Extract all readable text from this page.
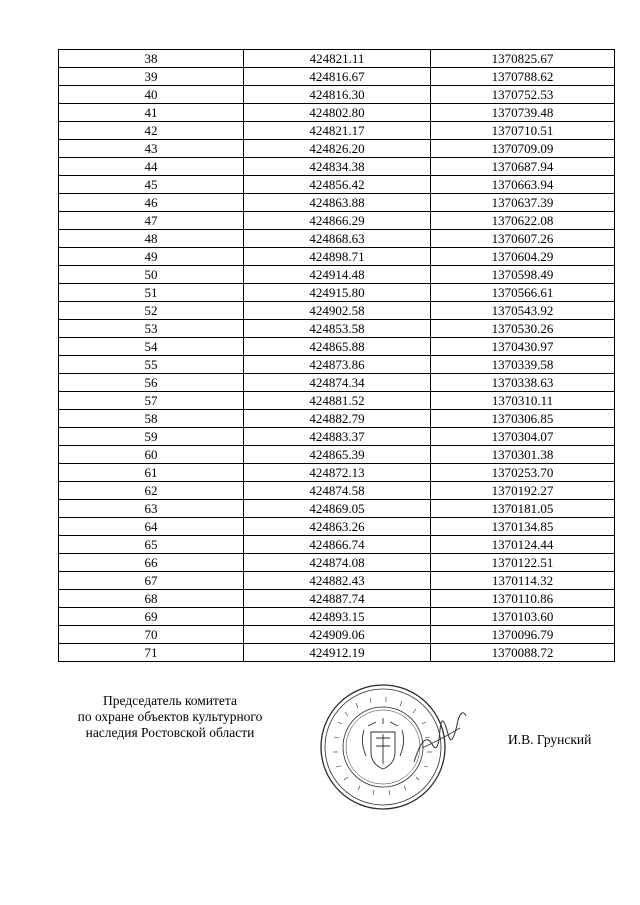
38	424821.11	1370825.67
39	424816.67	1370788.62
40	424816.30	1370752.53
41	424802.80	1370739.48
42	424821.17	1370710.51
43	424826.20	1370709.09
44	424834.38	1370687.94
45	424856.42	1370663.94
46	424863.88	1370637.39
47	424866.29	1370622.08
48	424868.63	1370607.26
49	424898.71	1370604.29
50	424914.48	1370598.49
51	424915.80	1370566.61
52	424902.58	1370543.92
53	424853.58	1370530.26
54	424865.88	1370430.97
55	424873.86	1370339.58
56	424874.34	1370338.63
57	424881.52	1370310.11
58	424882.79	1370306.85
59	424883.37	1370304.07
60	424865.39	1370301.38
61	424872.13	1370253.70
62	424874.58	1370192.27
63	424869.05	1370181.05
64	424863.26	1370134.85
65	424866.74	1370124.44
66	424874.08	1370122.51
67	424882.43	1370114.32
68	424887.74	1370110.86
69	424893.15	1370103.60
70	424909.06	1370096.79
71	424912.19	1370088.72
Председатель комитета
по охране объектов культурного
наследия Ростовской области	И.В. Грунский
